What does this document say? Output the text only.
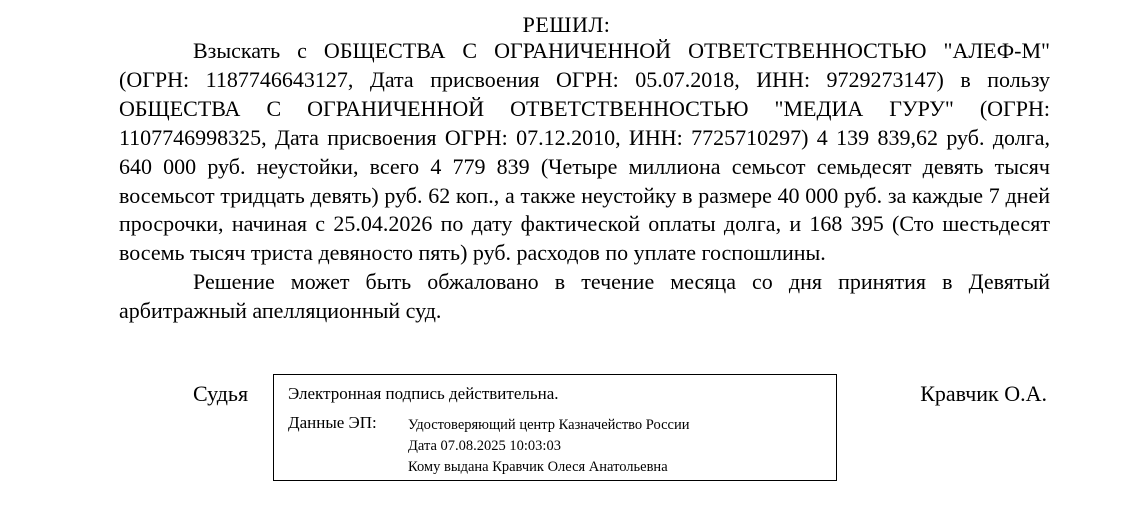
РЕШИЛ:

Взыскать с ОБЩЕСТВА С ОГРАНИЧЕННОЙ ОТВЕТСТВЕННОСТЬЮ "АЛЕФ-М" (ОГРН: 1187746643127, Дата присвоения ОГРН: 05.07.2018, ИНН: 9729273147) в пользу ОБЩЕСТВА С ОГРАНИЧЕННОЙ ОТВЕТСТВЕННОСТЬЮ "МЕДИА ГУРУ" (ОГРН: 1107746998325, Дата присвоения ОГРН: 07.12.2010, ИНН: 7725710297) 4 139 839,62 руб. долга, 640 000 руб. неустойки, всего 4 779 839 (Четыре миллиона семьсот семьдесят девять тысяч восемьсот тридцать девять) руб. 62 коп., а также неустойку в размере 40 000 руб. за каждые 7 дней просрочки, начиная с 25.04.2026 по дату фактической оплаты долга, и 168 395 (Сто шестьдесят восемь тысяч триста девяносто пять) руб. расходов по уплате госпошлины.

Решение может быть обжаловано в течение месяца со дня принятия в Девятый арбитражный апелляционный суд.

Судья Электронная подпись действительна.
Данные ЭП: Удостоверяющий центр Казначейство России
Дата 07.08.2025 10:03:03
Кому выдана Кравчик Олеся Анатольевна
Кравчик О.А.
